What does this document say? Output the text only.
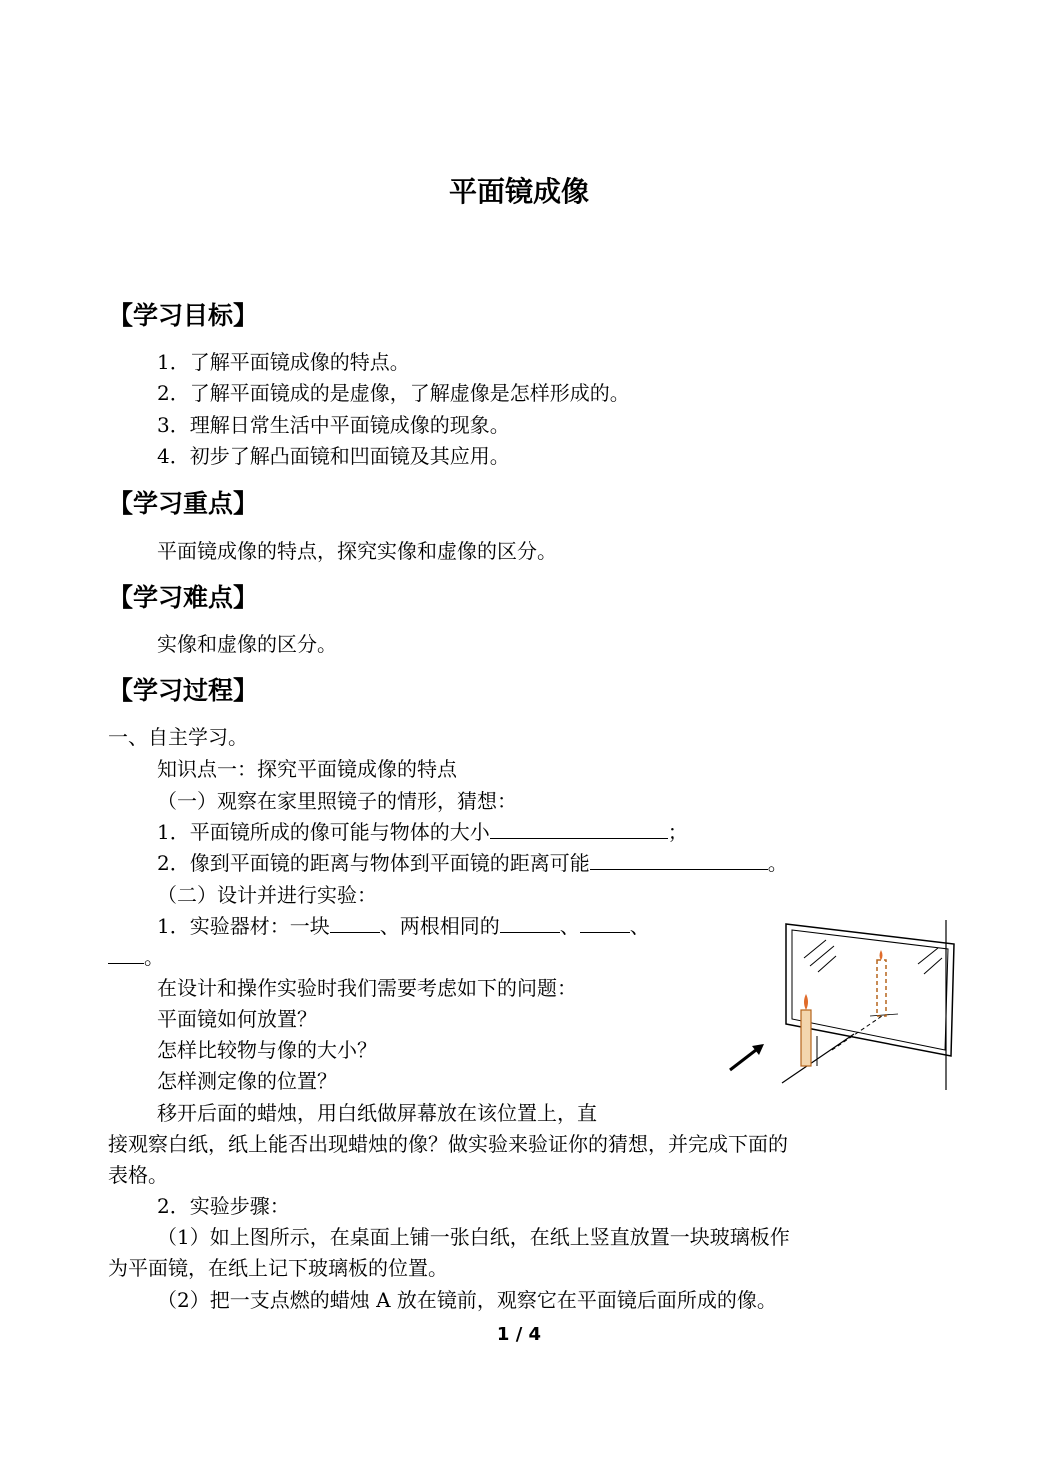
平面镜成像
【学习目标】
1．了解平面镜成像的特点。
2．了解平面镜成的是虚像，了解虚像是怎样形成的。
3．理解日常生活中平面镜成像的现象。
4．初步了解凸面镜和凹面镜及其应用。
【学习重点】
平面镜成像的特点，探究实像和虚像的区分。
【学习难点】
实像和虚像的区分。
【学习过程】
一、自主学习。
知识点一：探究平面镜成像的特点
（一）观察在家里照镜子的情形，猜想：
1．平面镜所成的像可能与物体的大小	；
2．像到平面镜的距离与物体到平面镜的距离可能	。
（二）设计并进行实验：
1．实验器材：一块	、两根相同的	、	、
。
在设计和操作实验时我们需要考虑如下的问题：
平面镜如何放置？
怎样比较物与像的大小？
怎样测定像的位置？
移开后面的蜡烛，用白纸做屏幕放在该位置上，直
接观察白纸，纸上能否出现蜡烛的像？做实验来验证你的猜想，并完成下面的
表格。
2．实验步骤：
（1）如上图所示，在桌面上铺一张白纸，在纸上竖直放置一块玻璃板作
为平面镜，在纸上记下玻璃板的位置。
（2）把一支点燃的蜡烛 A 放在镜前，观察它在平面镜后面所成的像。
1 / 4
